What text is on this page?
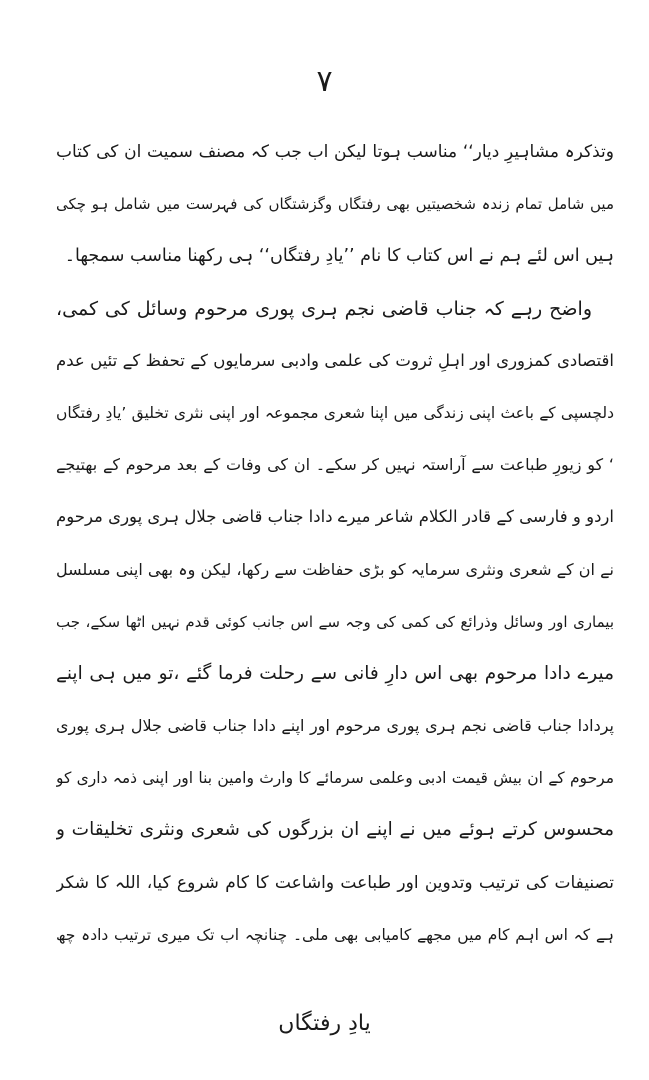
۷
وتذکرہ مشاہیرِ دیار‘‘ مناسب ہوتا لیکن اب جب کہ مصنف سمیت ان کی کتاب
میں شامل تمام زندہ شخصیتیں بھی رفتگاں وگزشتگاں کی فہرست میں شامل ہو چکی
ہیں اس لئے ہم نے اس کتاب کا نام ’’یادِ رفتگاں‘‘ ہی رکھنا مناسب سمجھا۔
واضح رہے کہ جناب قاضی نجم ہری پوری مرحوم وسائل کی کمی،
اقتصادی کمزوری اور اہلِ ثروت کی علمی وادبی سرمایوں کے تحفظ کے تئیں عدم
دلچسپی کے باعث اپنی زندگی میں اپنا شعری مجموعہ اور اپنی نثری تخلیق ’یادِ رفتگاں
‘ کو زیورِ طباعت سے آراستہ نہیں کر سکے۔ ان کی وفات کے بعد مرحوم کے بھتیجے
اردو و فارسی کے قادر الکلام شاعر میرے دادا جناب قاضی جلال ہری پوری مرحوم
نے ان کے شعری ونثری سرمایہ کو بڑی حفاظت سے رکھا، لیکن وہ بھی اپنی مسلسل
بیماری اور وسائل وذرائع کی کمی کی وجہ سے اس جانب کوئی قدم نہیں اٹھا سکے، جب
میرے دادا مرحوم بھی اس دارِ فانی سے رحلت فرما گئے ،تو میں ہی اپنے
پردادا جناب قاضی نجم ہری پوری مرحوم اور اپنے دادا جناب قاضی جلال ہری پوری
مرحوم کے ان بیش قیمت ادبی وعلمی سرمائے کا وارث وامین بنا اور اپنی ذمہ داری کو
محسوس کرتے ہوئے میں نے اپنے ان بزرگوں کی شعری ونثری تخلیقات و
تصنیفات کی ترتیب وتدوین اور طباعت واشاعت کا کام شروع کیا، اللہ کا شکر
ہے کہ اس اہم کام میں مجھے کامیابی بھی ملی۔ چنانچہ اب تک میری ترتیب دادہ چھ
یادِ رفتگاں
